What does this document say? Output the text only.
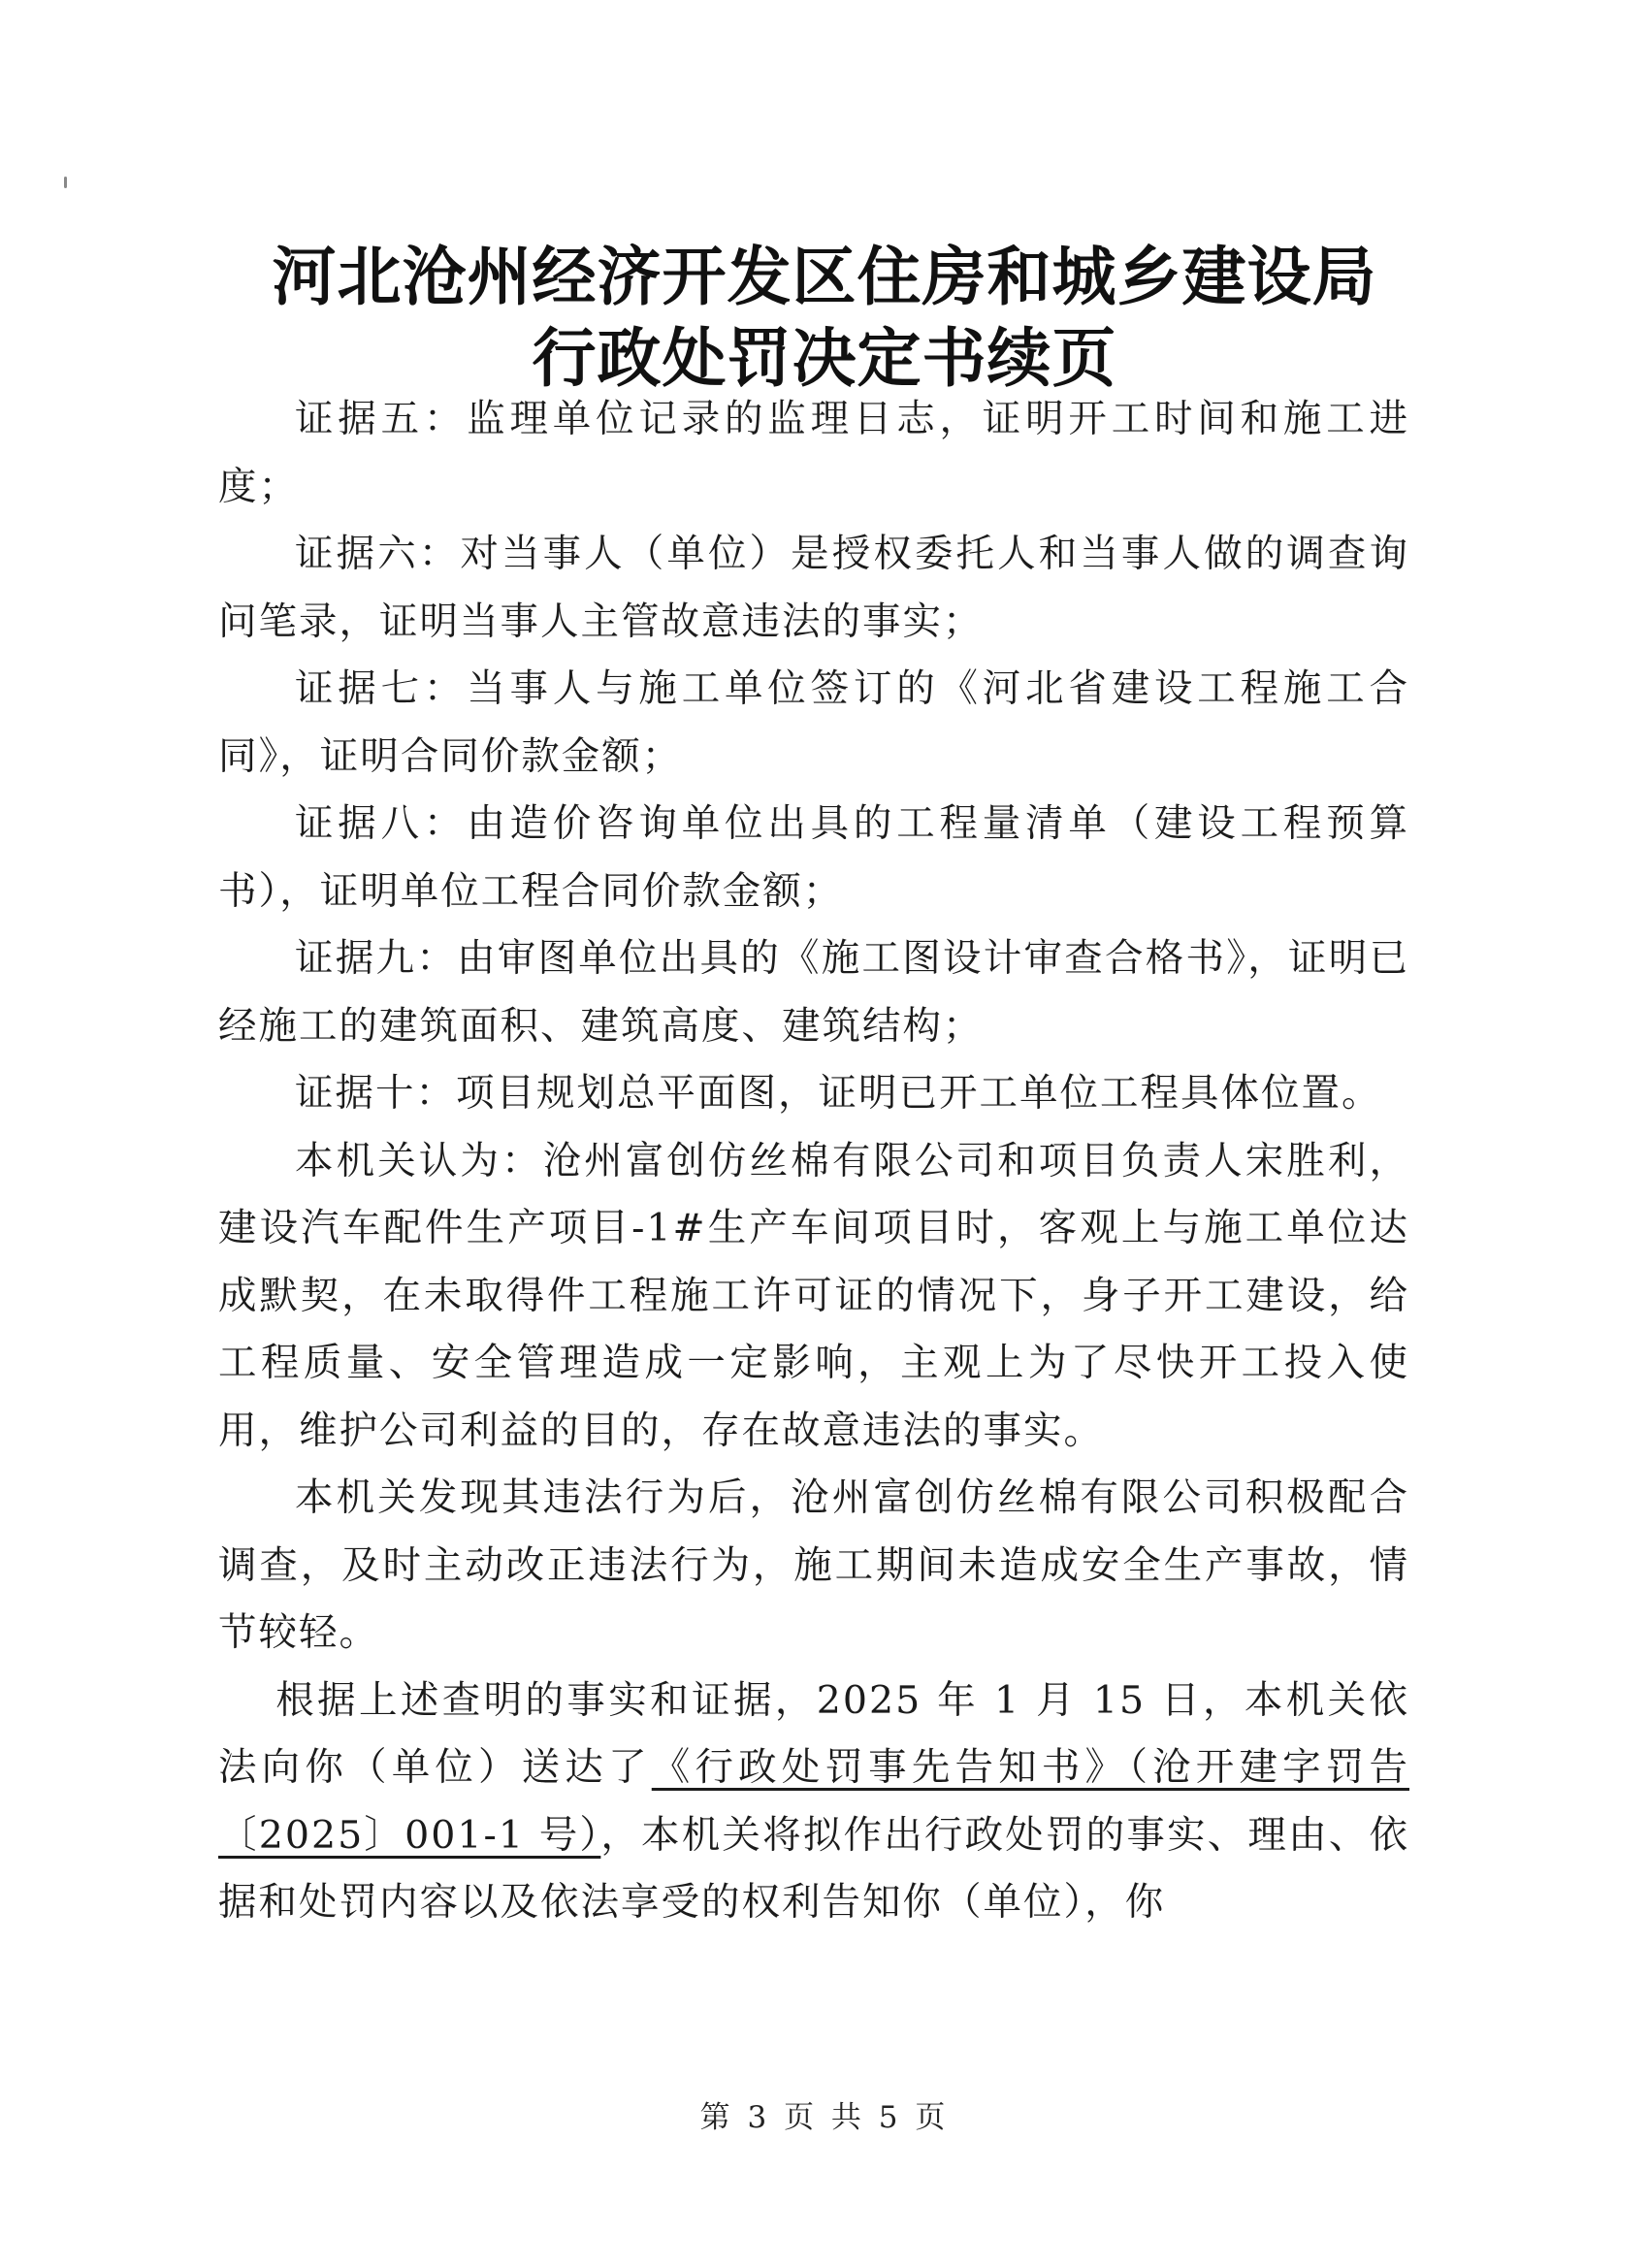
河北沧州经济开发区住房和城乡建设局
行政处罚决定书续页

证据五：监理单位记录的监理日志，证明开工时间和施工进度；

证据六：对当事人（单位）是授权委托人和当事人做的调查询问笔录，证明当事人主管故意违法的事实；

证据七：当事人与施工单位签订的《河北省建设工程施工合同》，证明合同价款金额；

证据八：由造价咨询单位出具的工程量清单（建设工程预算书），证明单位工程合同价款金额；

证据九：由审图单位出具的《施工图设计审查合格书》，证明已经施工的建筑面积、建筑高度、建筑结构；

证据十：项目规划总平面图，证明已开工单位工程具体位置。

本机关认为：沧州富创仿丝棉有限公司和项目负责人宋胜利，建设汽车配件生产项目-1#生产车间项目时，客观上与施工单位达成默契，在未取得件工程施工许可证的情况下，身子开工建设，给工程质量、安全管理造成一定影响，主观上为了尽快开工投入使用，维护公司利益的目的，存在故意违法的事实。

本机关发现其违法行为后，沧州富创仿丝棉有限公司积极配合调查，及时主动改正违法行为，施工期间未造成安全生产事故，情节较轻。

根据上述查明的事实和证据，2025 年 1 月 15 日，本机关依法向你（单位）送达了《行政处罚事先告知书》（沧开建字罚告〔2025〕001-1 号），本机关将拟作出行政处罚的事实、理由、依据和处罚内容以及依法享受的权利告知你（单位），你

第 3 页 共 5 页
